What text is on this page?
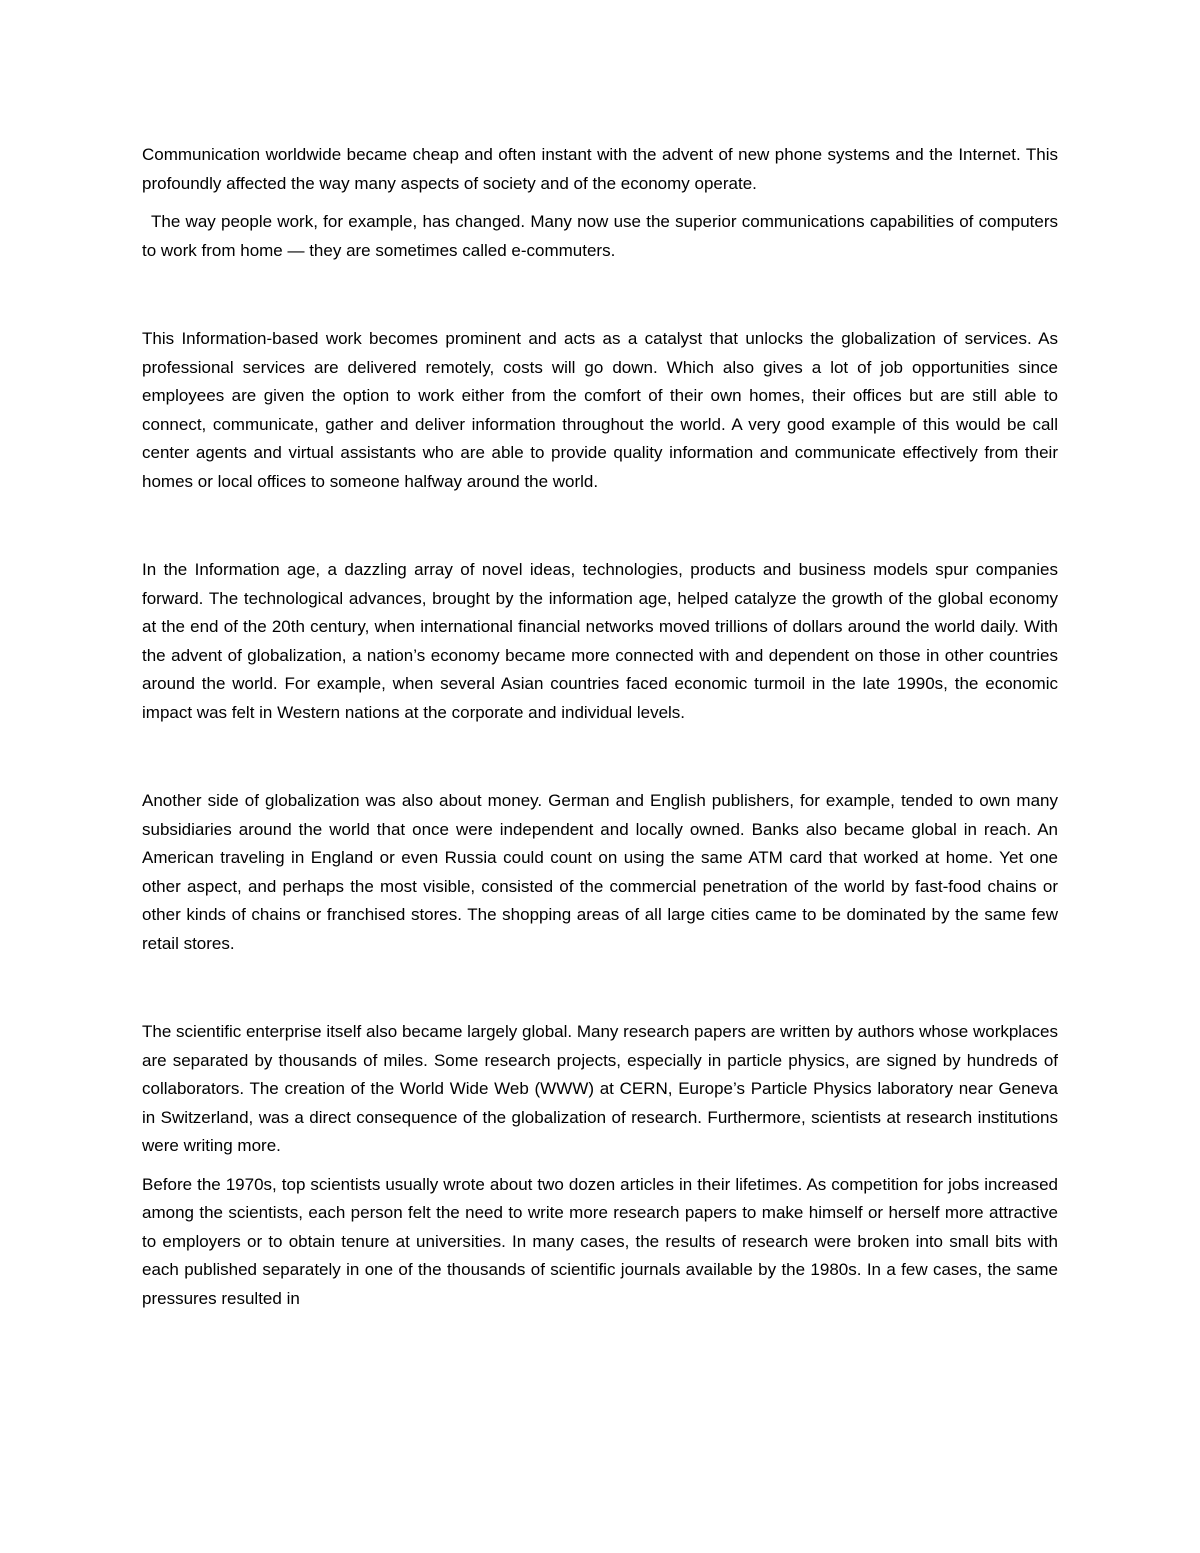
Communication worldwide became cheap and often instant with the advent of new phone systems and the Internet. This profoundly affected the way many aspects of society and of the economy operate.

The way people work, for example, has changed. Many now use the superior communications capabilities of computers to work from home — they are sometimes called e-commuters.

This Information-based work becomes prominent and acts as a catalyst that unlocks the globalization of services. As professional services are delivered remotely, costs will go down. Which also gives a lot of job opportunities since employees are given the option to work either from the comfort of their own homes, their offices but are still able to connect, communicate, gather and deliver information throughout the world. A very good example of this would be call center agents and virtual assistants who are able to provide quality information and communicate effectively from their homes or local offices to someone halfway around the world.

In the Information age, a dazzling array of novel ideas, technologies, products and business models spur companies forward. The technological advances, brought by the information age, helped catalyze the growth of the global economy at the end of the 20th century, when international financial networks moved trillions of dollars around the world daily. With the advent of globalization, a nation’s economy became more connected with and dependent on those in other countries around the world. For example, when several Asian countries faced economic turmoil in the late 1990s, the economic impact was felt in Western nations at the corporate and individual levels.

Another side of globalization was also about money. German and English publishers, for example, tended to own many subsidiaries around the world that once were independent and locally owned. Banks also became global in reach. An American traveling in England or even Russia could count on using the same ATM card that worked at home. Yet one other aspect, and perhaps the most visible, consisted of the commercial penetration of the world by fast-food chains or other kinds of chains or franchised stores. The shopping areas of all large cities came to be dominated by the same few retail stores.

The scientific enterprise itself also became largely global. Many research papers are written by authors whose workplaces are separated by thousands of miles. Some research projects, especially in particle physics, are signed by hundreds of collaborators. The creation of the World Wide Web (WWW) at CERN, Europe’s Particle Physics laboratory near Geneva in Switzerland, was a direct consequence of the globalization of research. Furthermore, scientists at research institutions were writing more.

Before the 1970s, top scientists usually wrote about two dozen articles in their lifetimes. As competition for jobs increased among the scientists, each person felt the need to write more research papers to make himself or herself more attractive to employers or to obtain tenure at universities. In many cases, the results of research were broken into small bits with each published separately in one of the thousands of scientific journals available by the 1980s. In a few cases, the same pressures resulted in
